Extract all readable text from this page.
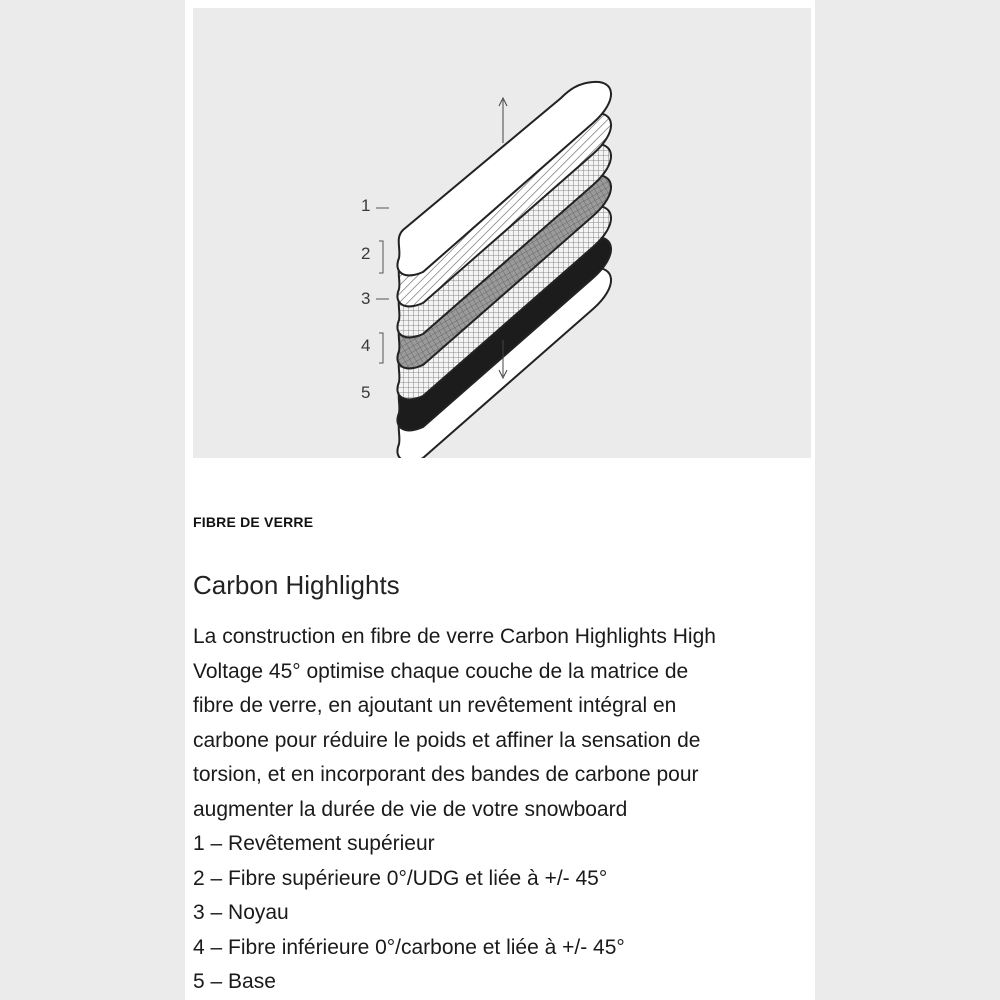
1
2
3
4
5
FIBRE DE VERRE
Carbon Highlights

La construction en fibre de verre Carbon Highlights High

Voltage 45° optimise chaque couche de la matrice de

fibre de verre, en ajoutant un revêtement intégral en

carbone pour réduire le poids et affiner la sensation de

torsion, et en incorporant des bandes de carbone pour

augmenter la durée de vie de votre snowboard

1 – Revêtement supérieur
2 – Fibre supérieure 0°/UDG et liée à +/- 45°
3 – Noyau
4 – Fibre inférieure 0°/carbone et liée à +/- 45°
5 – Base
